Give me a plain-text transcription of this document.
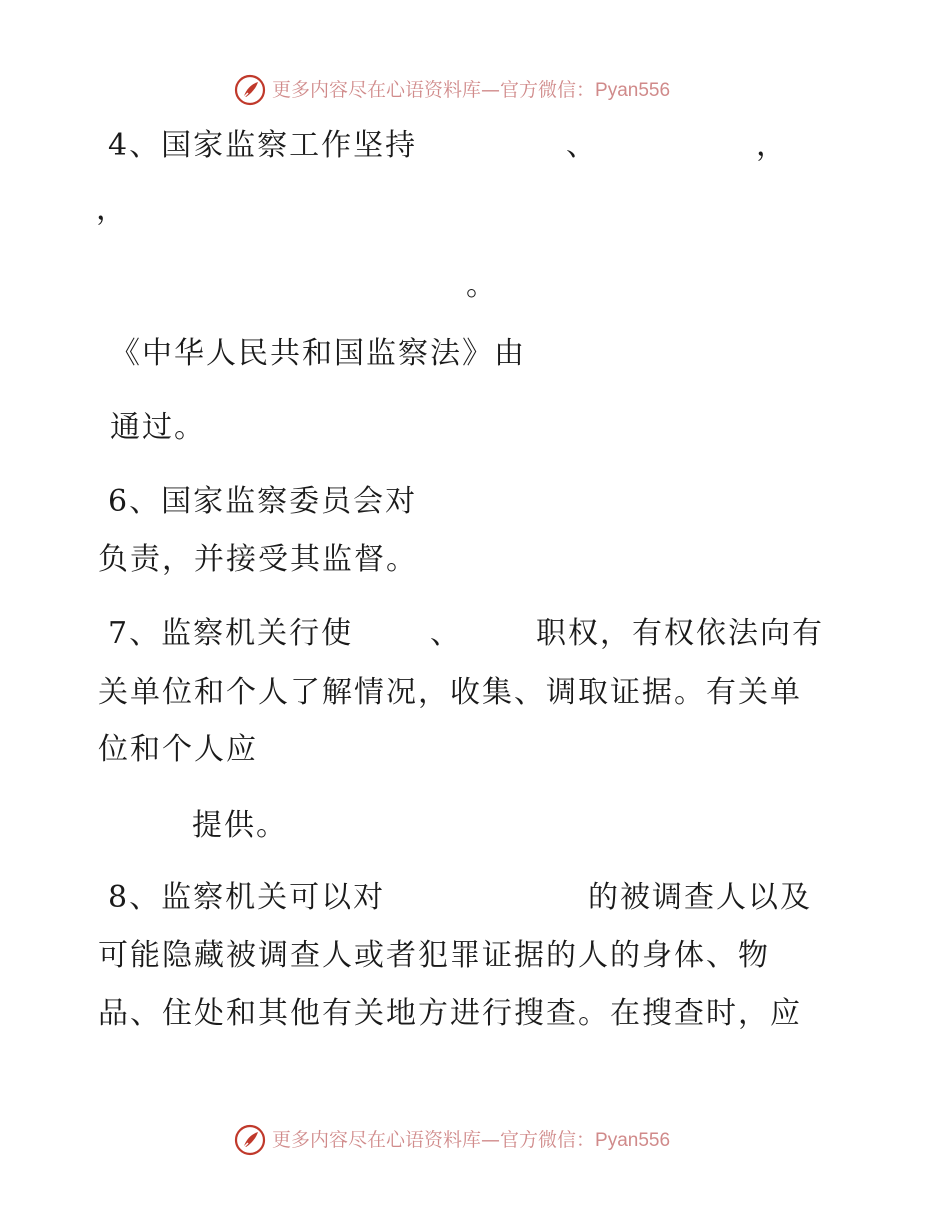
更多内容尽在心语资料库—官方微信：Pyan556
4、国家监察工作坚持	、	，
，
。
《中华人民共和国监察法》由
通过。
6、国家监察委员会对
负责，并接受其监督。
7、监察机关行使	、 职权，有权依法向有
关单位和个人了解情况，收集、调取证据。有关单
位和个人应
提供。
8、监察机关可以对	的被调查人以及
可能隐藏被调查人或者犯罪证据的人的身体、物
品、住处和其他有关地方进行搜查。在搜查时，应
更多内容尽在心语资料库—官方微信：Pyan556
